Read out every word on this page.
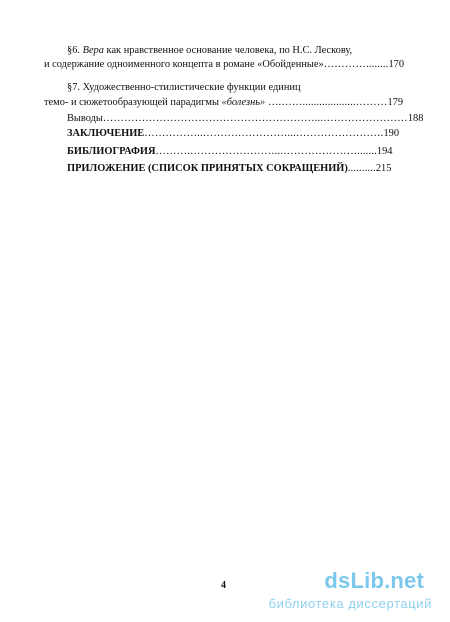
§6. Вера как нравственное основание человека, по Н.С. Лескову,
и содержание одноименного концепта в романе «Обойденные»…………........170
§7. Художественно-стилистические функции единиц
темо- и сюжетообразующей парадигмы «болезнь» ….……...................………179
Выводы……………………………………………………...……………………188
ЗАКЛЮЧЕНИЕ……………..……………………...…………………….190
БИБЛИОГРАФИЯ……….……………………...………………….......194
ПРИЛОЖЕНИЕ (СПИСОК ПРИНЯТЫХ СОКРАЩЕНИЙ)..........215
4	dsLib.net
библиотека диссертаций
